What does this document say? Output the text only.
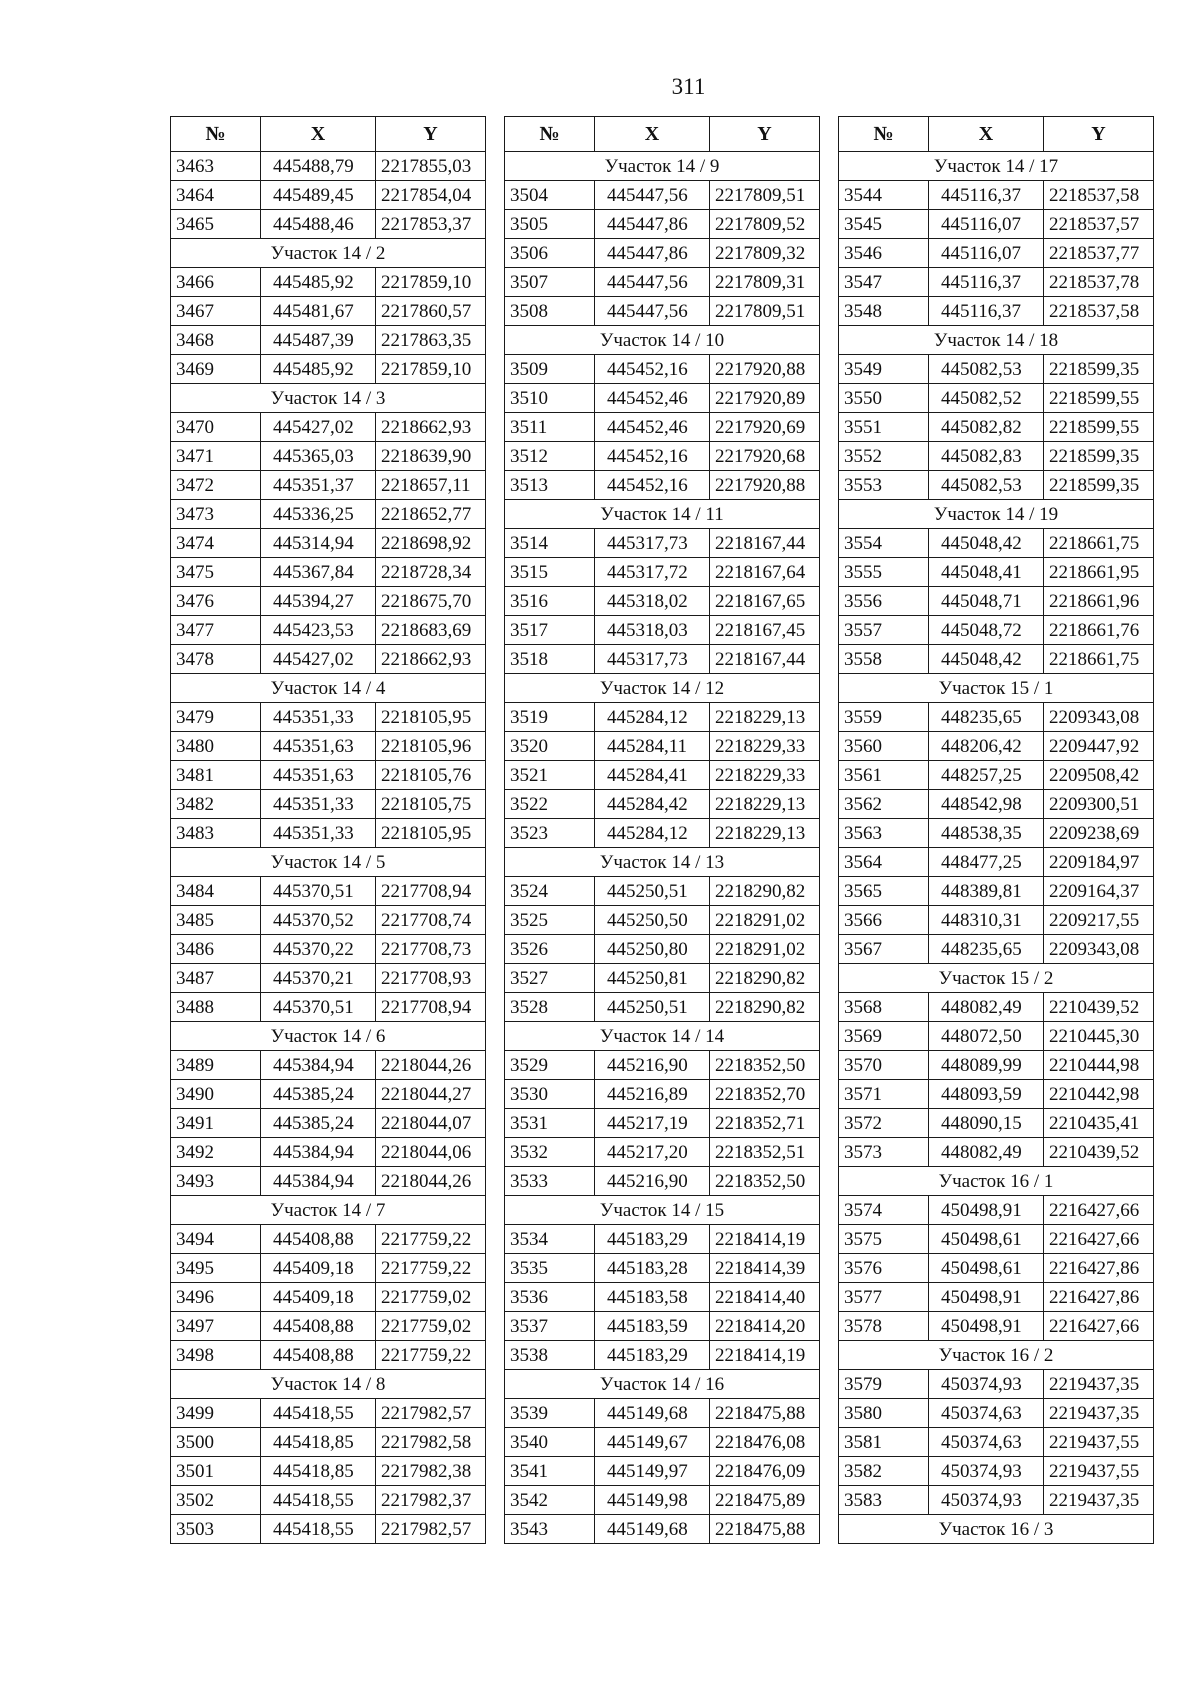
311
№	X	Y
3463	445488,79	2217855,03
3464	445489,45	2217854,04
3465	445488,46	2217853,37
Участок 14 / 2		
3466	445485,92	2217859,10
3467	445481,67	2217860,57
3468	445487,39	2217863,35
3469	445485,92	2217859,10
Участок 14 / 3		
3470	445427,02	2218662,93
3471	445365,03	2218639,90
3472	445351,37	2218657,11
3473	445336,25	2218652,77
3474	445314,94	2218698,92
3475	445367,84	2218728,34
3476	445394,27	2218675,70
3477	445423,53	2218683,69
3478	445427,02	2218662,93
Участок 14 / 4		
3479	445351,33	2218105,95
3480	445351,63	2218105,96
3481	445351,63	2218105,76
3482	445351,33	2218105,75
3483	445351,33	2218105,95
Участок 14 / 5		
3484	445370,51	2217708,94
3485	445370,52	2217708,74
3486	445370,22	2217708,73
3487	445370,21	2217708,93
3488	445370,51	2217708,94
Участок 14 / 6		
3489	445384,94	2218044,26
3490	445385,24	2218044,27
3491	445385,24	2218044,07
3492	445384,94	2218044,06
3493	445384,94	2218044,26
Участок 14 / 7		
3494	445408,88	2217759,22
3495	445409,18	2217759,22
3496	445409,18	2217759,02
3497	445408,88	2217759,02
3498	445408,88	2217759,22
Участок 14 / 8		
3499	445418,55	2217982,57
3500	445418,85	2217982,58
3501	445418,85	2217982,38
3502	445418,55	2217982,37
3503	445418,55	2217982,57
№	X	Y
Участок 14 / 9		
3504	445447,56	2217809,51
3505	445447,86	2217809,52
3506	445447,86	2217809,32
3507	445447,56	2217809,31
3508	445447,56	2217809,51
Участок 14 / 10		
3509	445452,16	2217920,88
3510	445452,46	2217920,89
3511	445452,46	2217920,69
3512	445452,16	2217920,68
3513	445452,16	2217920,88
Участок 14 / 11		
3514	445317,73	2218167,44
3515	445317,72	2218167,64
3516	445318,02	2218167,65
3517	445318,03	2218167,45
3518	445317,73	2218167,44
Участок 14 / 12		
3519	445284,12	2218229,13
3520	445284,11	2218229,33
3521	445284,41	2218229,33
3522	445284,42	2218229,13
3523	445284,12	2218229,13
Участок 14 / 13		
3524	445250,51	2218290,82
3525	445250,50	2218291,02
3526	445250,80	2218291,02
3527	445250,81	2218290,82
3528	445250,51	2218290,82
Участок 14 / 14		
3529	445216,90	2218352,50
3530	445216,89	2218352,70
3531	445217,19	2218352,71
3532	445217,20	2218352,51
3533	445216,90	2218352,50
Участок 14 / 15		
3534	445183,29	2218414,19
3535	445183,28	2218414,39
3536	445183,58	2218414,40
3537	445183,59	2218414,20
3538	445183,29	2218414,19
Участок 14 / 16		
3539	445149,68	2218475,88
3540	445149,67	2218476,08
3541	445149,97	2218476,09
3542	445149,98	2218475,89
3543	445149,68	2218475,88
№	X	Y
Участок 14 / 17		
3544	445116,37	2218537,58
3545	445116,07	2218537,57
3546	445116,07	2218537,77
3547	445116,37	2218537,78
3548	445116,37	2218537,58
Участок 14 / 18		
3549	445082,53	2218599,35
3550	445082,52	2218599,55
3551	445082,82	2218599,55
3552	445082,83	2218599,35
3553	445082,53	2218599,35
Участок 14 / 19		
3554	445048,42	2218661,75
3555	445048,41	2218661,95
3556	445048,71	2218661,96
3557	445048,72	2218661,76
3558	445048,42	2218661,75
Участок 15 / 1		
3559	448235,65	2209343,08
3560	448206,42	2209447,92
3561	448257,25	2209508,42
3562	448542,98	2209300,51
3563	448538,35	2209238,69
3564	448477,25	2209184,97
3565	448389,81	2209164,37
3566	448310,31	2209217,55
3567	448235,65	2209343,08
Участок 15 / 2		
3568	448082,49	2210439,52
3569	448072,50	2210445,30
3570	448089,99	2210444,98
3571	448093,59	2210442,98
3572	448090,15	2210435,41
3573	448082,49	2210439,52
Участок 16 / 1		
3574	450498,91	2216427,66
3575	450498,61	2216427,66
3576	450498,61	2216427,86
3577	450498,91	2216427,86
3578	450498,91	2216427,66
Участок 16 / 2		
3579	450374,93	2219437,35
3580	450374,63	2219437,35
3581	450374,63	2219437,55
3582	450374,93	2219437,55
3583	450374,93	2219437,35
Участок 16 / 3		
